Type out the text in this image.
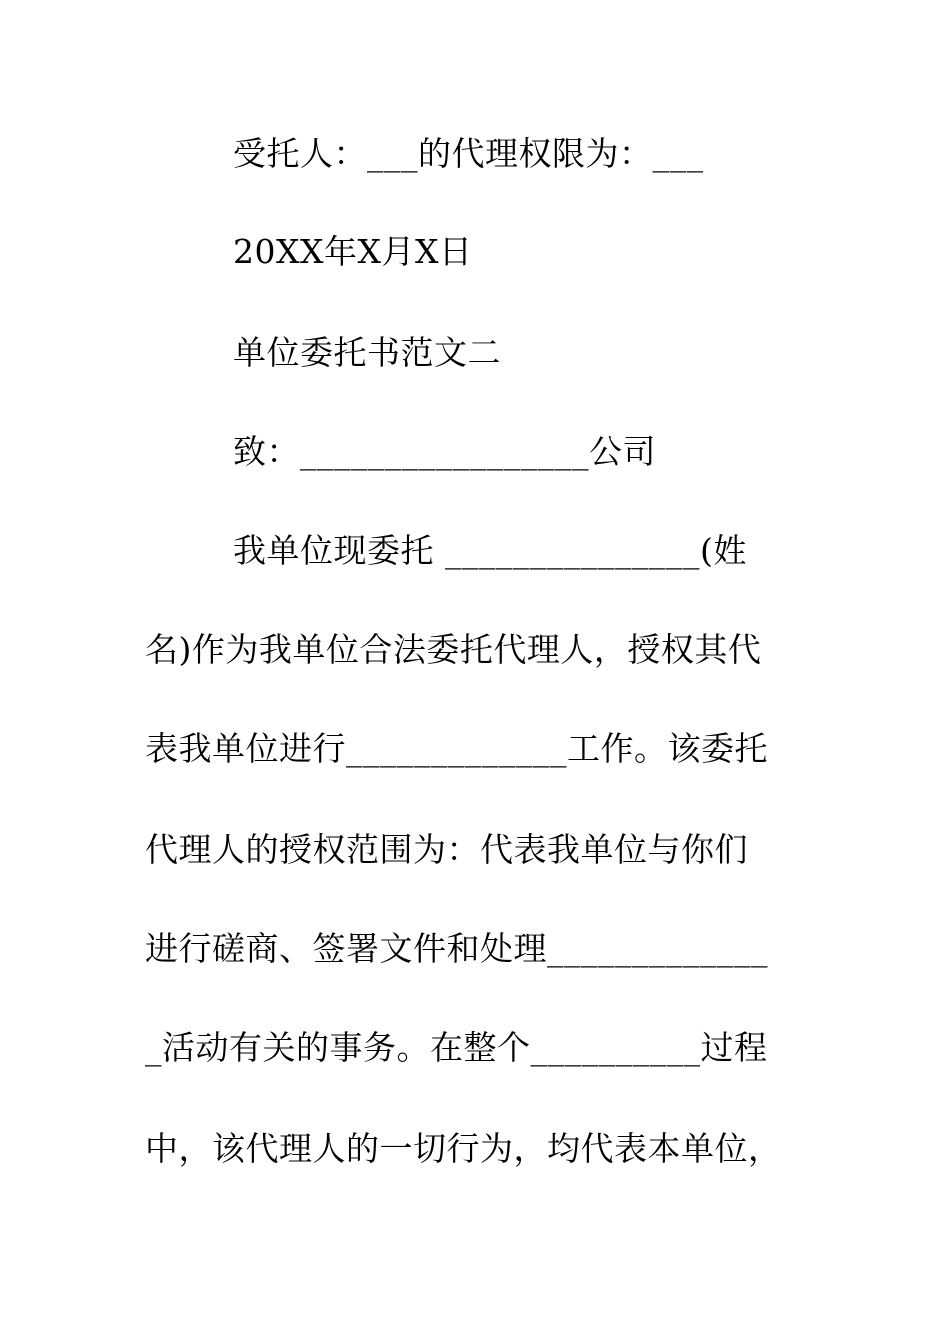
受托人：___的代理权限为：___
20XX年X月X日
单位委托书范文二
致：_________________公司
我单位现委托 _______________(姓
名)作为我单位合法委托代理人，授权其代
表我单位进行_____________工作。该委托
代理人的授权范围为：代表我单位与你们
进行磋商、签署文件和处理_____________
_活动有关的事务。在整个__________过程
中，该代理人的一切行为，均代表本单位，
